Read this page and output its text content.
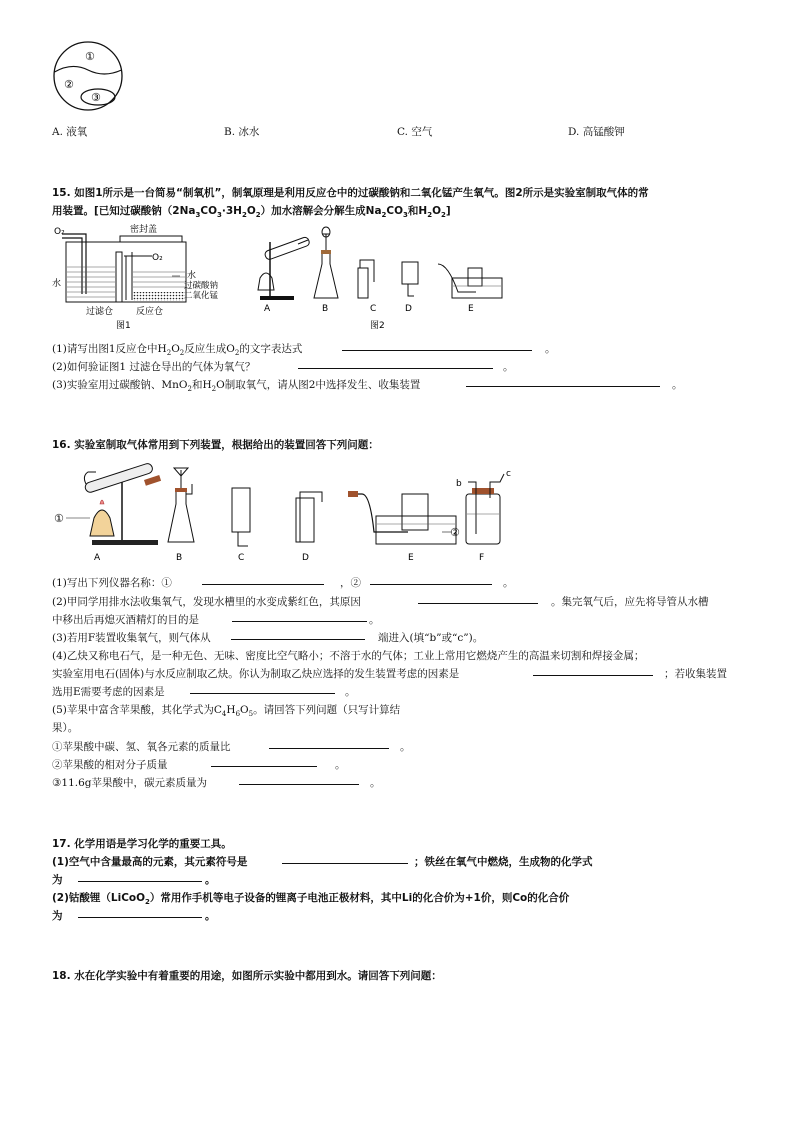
①
②
③
A. 液氧	B. 冰水	C. 空气	D. 高锰酸钾
15. 如图1所示是一台简易“制氧机”，制氧原理是利用反应仓中的过碳酸钠和二氧化锰产生氧气。图2所示是实验室制取气体的常
用装置。[已知过碳酸钠$(2Na_3CO_3\cdot 3H_2O_2)$加水溶解会分解生成$Na_2CO_3$和$H_2O_2$]
O₂	密封盖
O₂
水
水
过碳酸钠
二氧化锰
过滤仓	反应仓
图1
A	B	C	D	E
图2
(1)请写出图1反应仓中$H_2O_2$反应生成$O_2$的文字表达式	。
(2)如何验证图1 过滤仓导出的气体为氧气？	。
(3)实验室用过碳酸钠、MnO$_2$和$H_2O$制取氧气，请从图2中选择发生、收集装置	。
16. 实验室制取气体常用到下列装置，根据给出的装置回答下列问题：
①
A	B	C	D
②
E
b
c
F
(1)写出下列仪器名称：①	，②	。
(2)甲同学用排水法收集氧气，发现水槽里的水变成紫红色，其原因	。集完氧气后，应先将导管从水槽
中移出后再熄灭酒精灯的目的是	。
(3)若用F装置收集氧气，则气体从	端进入(填“b”或“c”)。
(4)乙炔又称电石气，是一种无色、无味、密度比空气略小；不溶于水的气体；工业上常用它燃烧产生的高温来切割和焊接金属；
实验室用电石(固体)与水反应制取乙炔。你认为制取乙炔应选择的发生装置考虑的因素是	；若收集装置
选用E需要考虑的因素是	。
(5)苹果中富含苹果酸，其化学式为$C_4H_6O_5$。请回答下列问题（只写计算结
果）。
①苹果酸中碳、氢、氧各元素的质量比	。
②苹果酸的相对分子质量	。
③11.6g苹果酸中，碳元素质量为	。
17. 化学用语是学习化学的重要工具。
(1)空气中含量最高的元素，其元素符号是	；铁丝在氧气中燃烧，生成物的化学式
为	。
(2)钴酸锂（LiCoO$_2$）常用作手机等电子设备的锂离子电池正极材料，其中Li的化合价为+1价，则Co的化合价
为	。
18. 水在化学实验中有着重要的用途，如图所示实验中都用到水。请回答下列问题：
